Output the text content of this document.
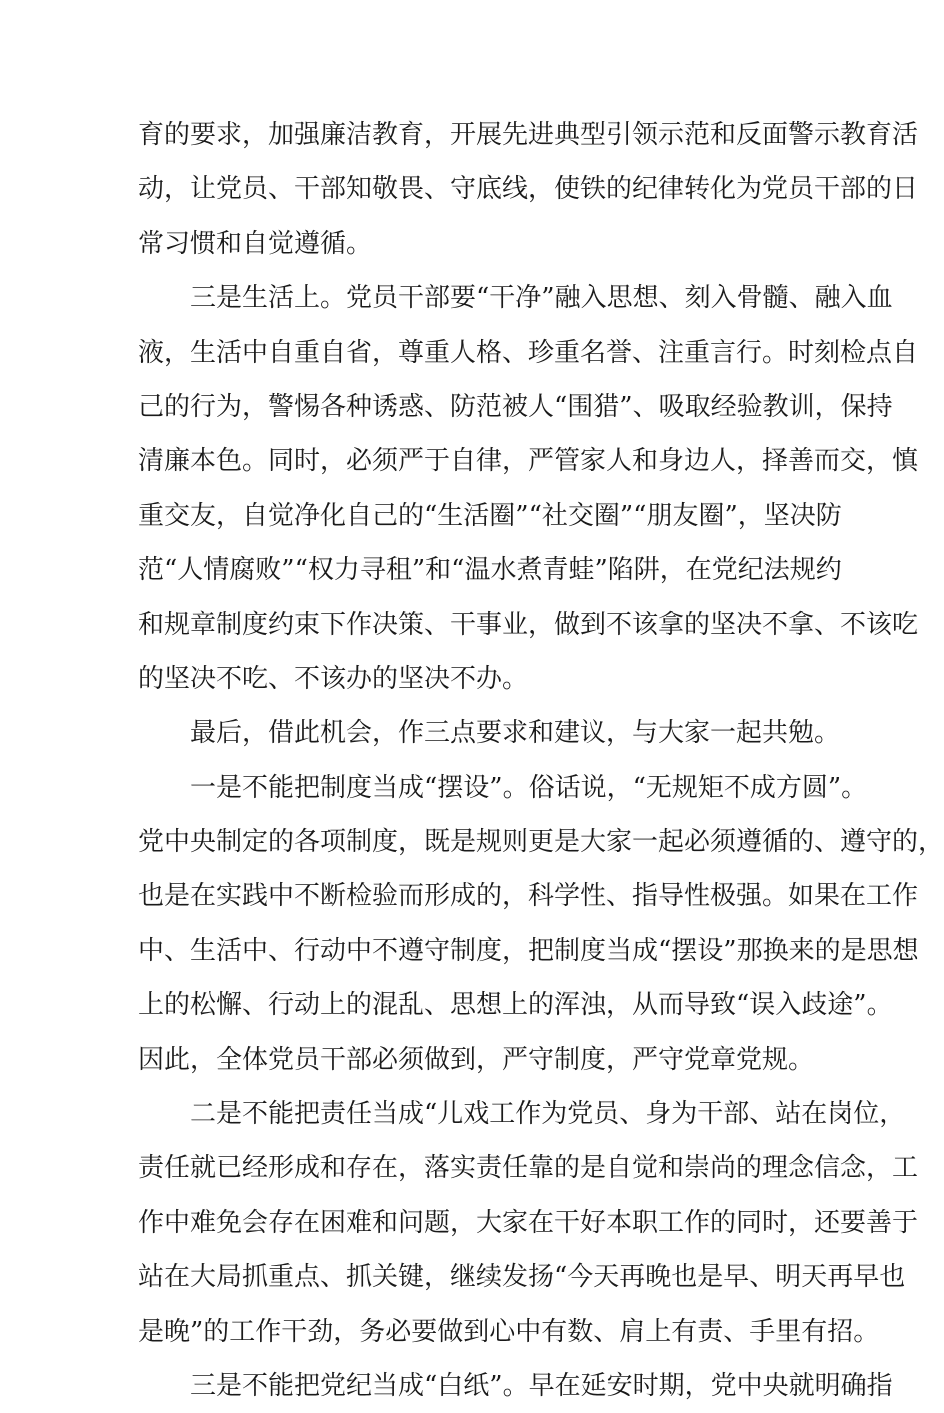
育的要求，加强廉洁教育，开展先进典型引领示范和反面警示教育活
动，让党员、干部知敬畏、守底线，使铁的纪律转化为党员干部的日
常习惯和自觉遵循。
三是生活上。党员干部要“干净”融入思想、刻入骨髓、融入血
液，生活中自重自省，尊重人格、珍重名誉、注重言行。时刻检点自
己的行为，警惕各种诱惑、防范被人“围猎”、吸取经验教训，保持
清廉本色。同时，必须严于自律，严管家人和身边人，择善而交，慎
重交友，自觉净化自己的“生活圈”“社交圈”“朋友圈”，坚决防
范“人情腐败”“权力寻租”和“温水煮青蛙”陷阱，在党纪法规约
和规章制度约束下作决策、干事业，做到不该拿的坚决不拿、不该吃
的坚决不吃、不该办的坚决不办。
最后，借此机会，作三点要求和建议，与大家一起共勉。
一是不能把制度当成“摆设”。俗话说，“无规矩不成方圆”。
党中央制定的各项制度，既是规则更是大家一起必须遵循的、遵守的，
也是在实践中不断检验而形成的，科学性、指导性极强。如果在工作
中、生活中、行动中不遵守制度，把制度当成“摆设”那换来的是思想
上的松懈、行动上的混乱、思想上的浑浊，从而导致“误入歧途”。
因此，全体党员干部必须做到，严守制度，严守党章党规。
二是不能把责任当成“儿戏工作为党员、身为干部、站在岗位，
责任就已经形成和存在，落实责任靠的是自觉和崇尚的理念信念，工
作中难免会存在困难和问题，大家在干好本职工作的同时，还要善于
站在大局抓重点、抓关键，继续发扬“今天再晚也是早、明天再早也
是晚”的工作干劲，务必要做到心中有数、肩上有责、手里有招。
三是不能把党纪当成“白纸”。早在延安时期，党中央就明确指
